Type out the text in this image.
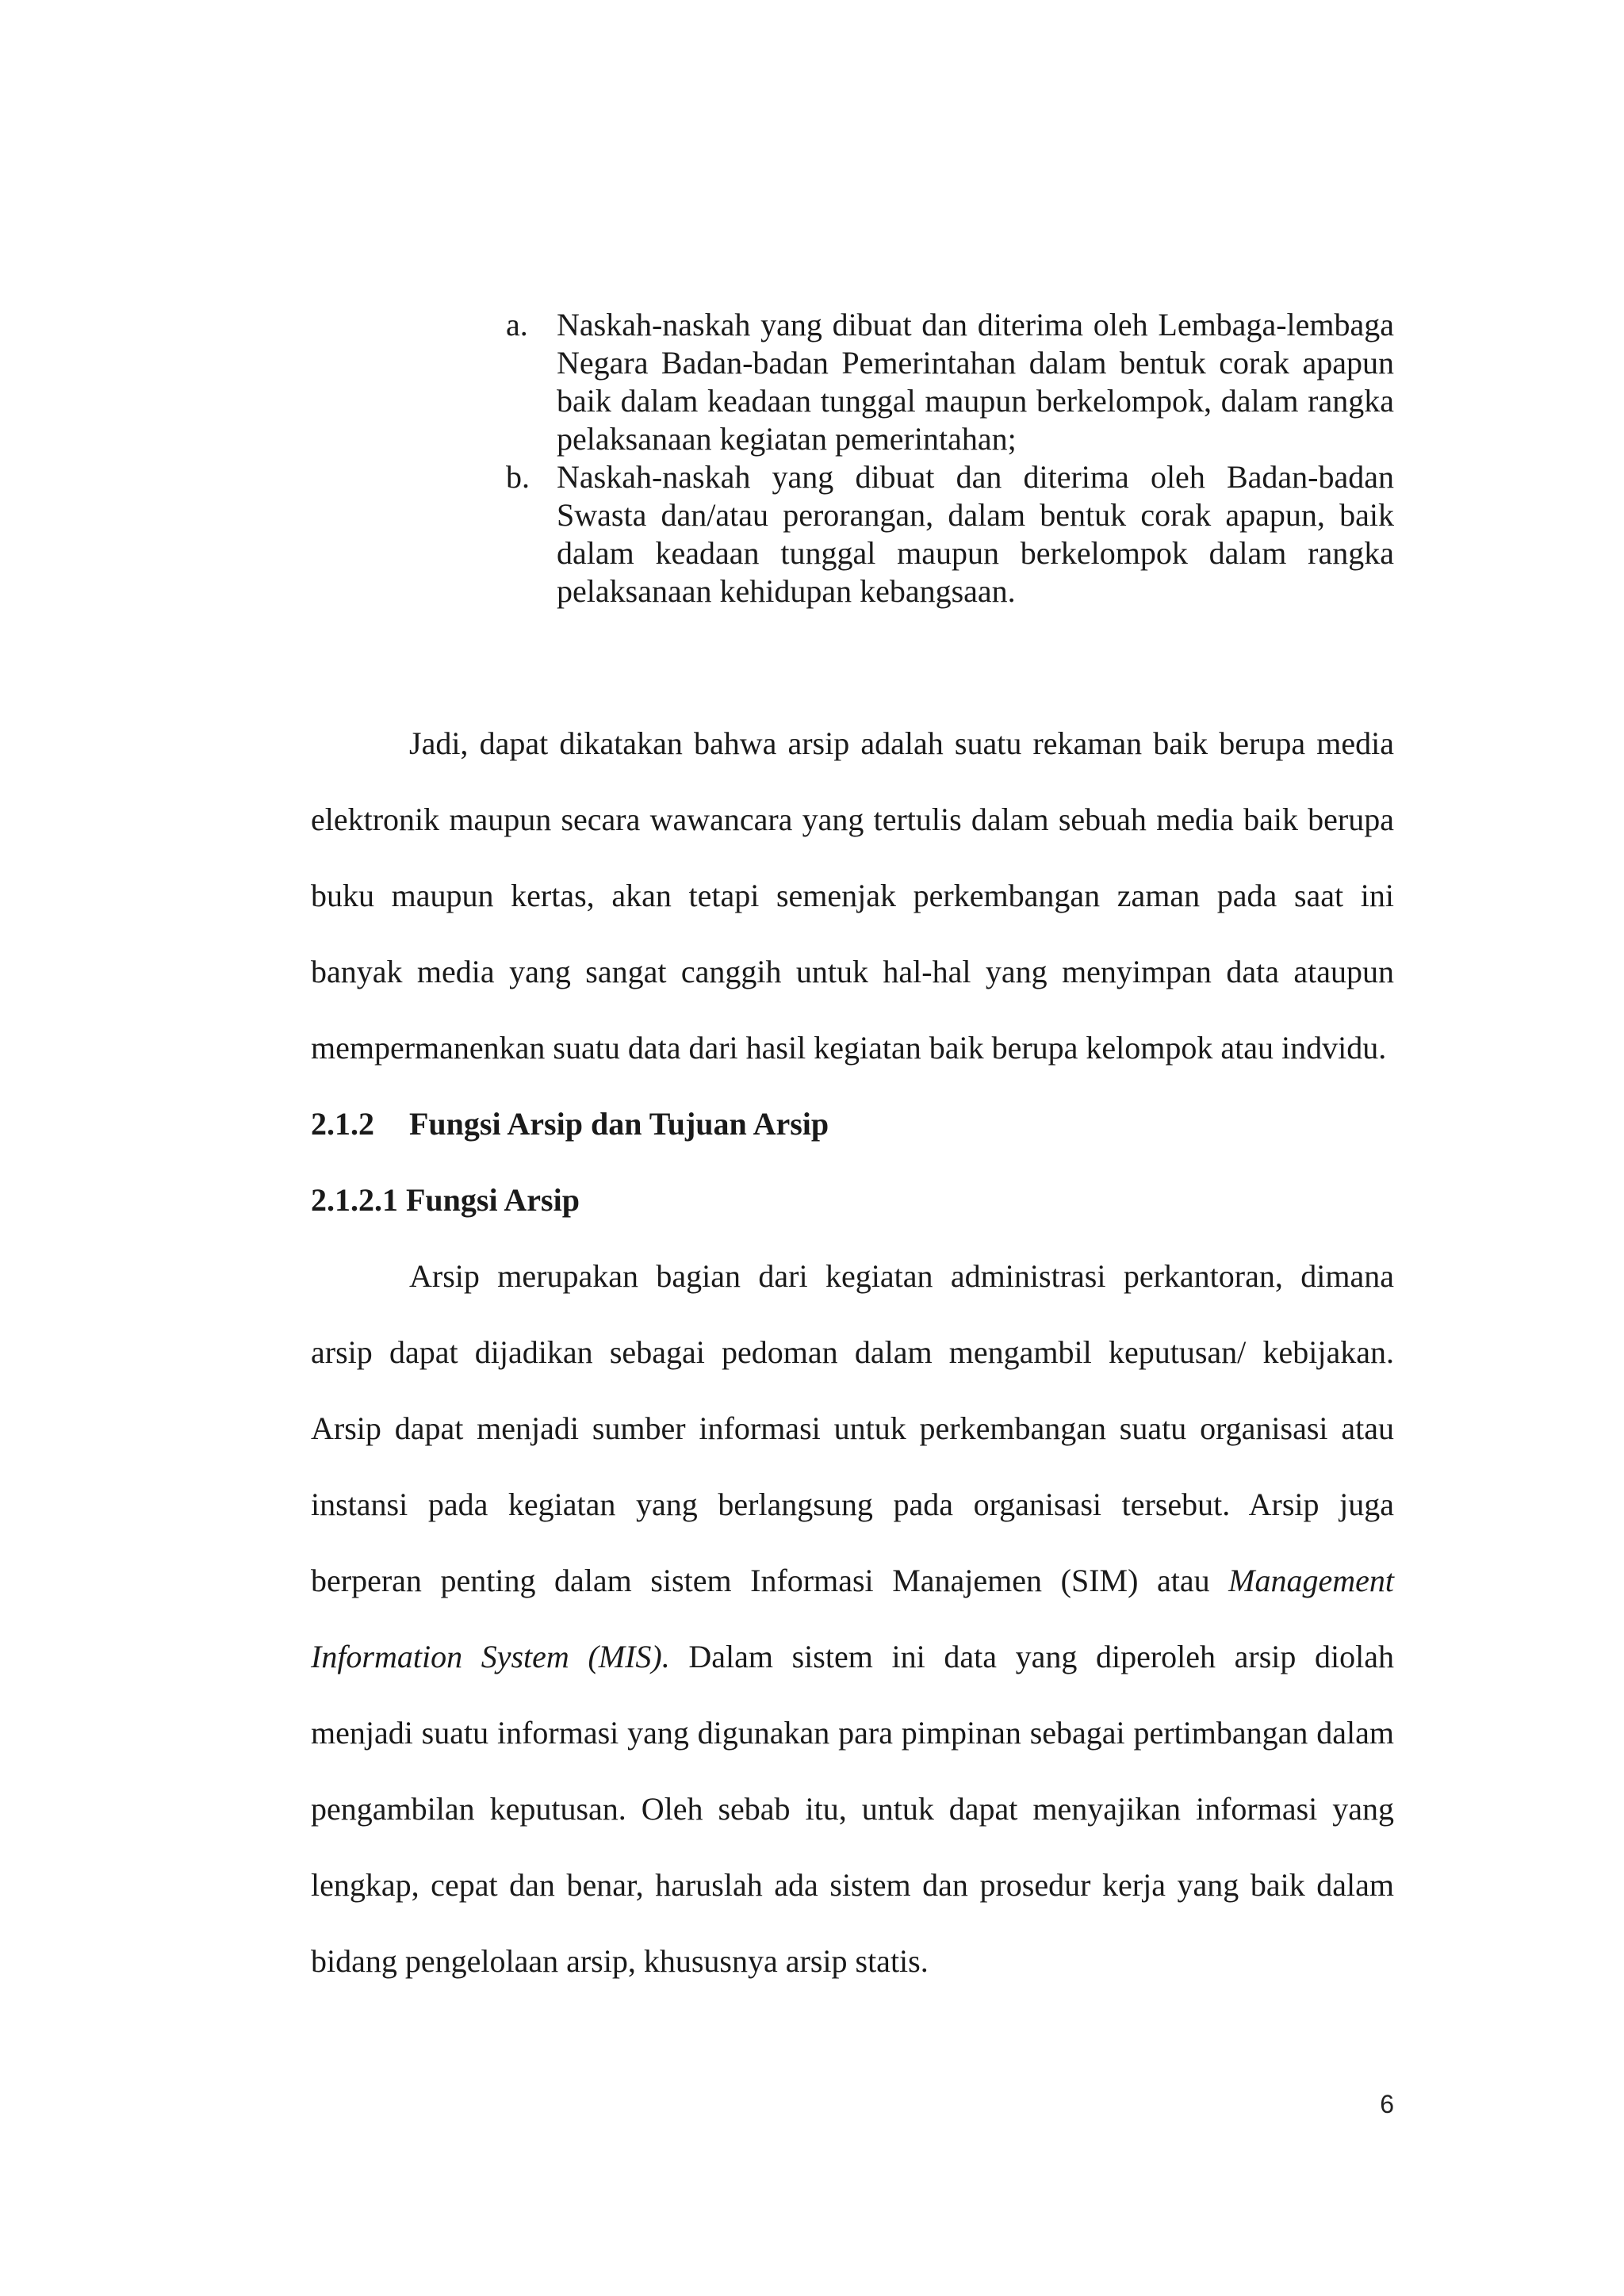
a. Naskah-naskah yang dibuat dan diterima oleh Lembaga-lembaga Negara Badan-badan Pemerintahan dalam bentuk corak apapun baik dalam keadaan tunggal maupun berkelompok, dalam rangka pelaksanaan kegiatan pemerintahan;
b. Naskah-naskah yang dibuat dan diterima oleh Badan-badan Swasta dan/atau perorangan, dalam bentuk corak apapun, baik dalam keadaan tunggal maupun berkelompok dalam rangka pelaksanaan kehidupan kebangsaan.

Jadi, dapat dikatakan bahwa arsip adalah suatu rekaman baik berupa media elektronik maupun secara wawancara yang tertulis dalam sebuah media baik berupa buku maupun kertas, akan tetapi semenjak perkembangan zaman pada saat ini banyak media yang sangat canggih untuk hal-hal yang menyimpan data ataupun mempermanenkan suatu data dari hasil kegiatan baik berupa kelompok atau indvidu.

2.1.2 Fungsi Arsip dan Tujuan Arsip

2.1.2.1 Fungsi Arsip

Arsip merupakan bagian dari kegiatan administrasi perkantoran, dimana arsip dapat dijadikan sebagai pedoman dalam mengambil keputusan/ kebijakan. Arsip dapat menjadi sumber informasi untuk perkembangan suatu organisasi atau instansi pada kegiatan yang berlangsung pada organisasi tersebut. Arsip juga berperan penting dalam sistem Informasi Manajemen (SIM) atau Management Information System (MIS). Dalam sistem ini data yang diperoleh arsip diolah menjadi suatu informasi yang digunakan para pimpinan sebagai pertimbangan dalam pengambilan keputusan. Oleh sebab itu, untuk dapat menyajikan informasi yang lengkap, cepat dan benar, haruslah ada sistem dan prosedur kerja yang baik dalam bidang pengelolaan arsip, khususnya arsip statis.

6
